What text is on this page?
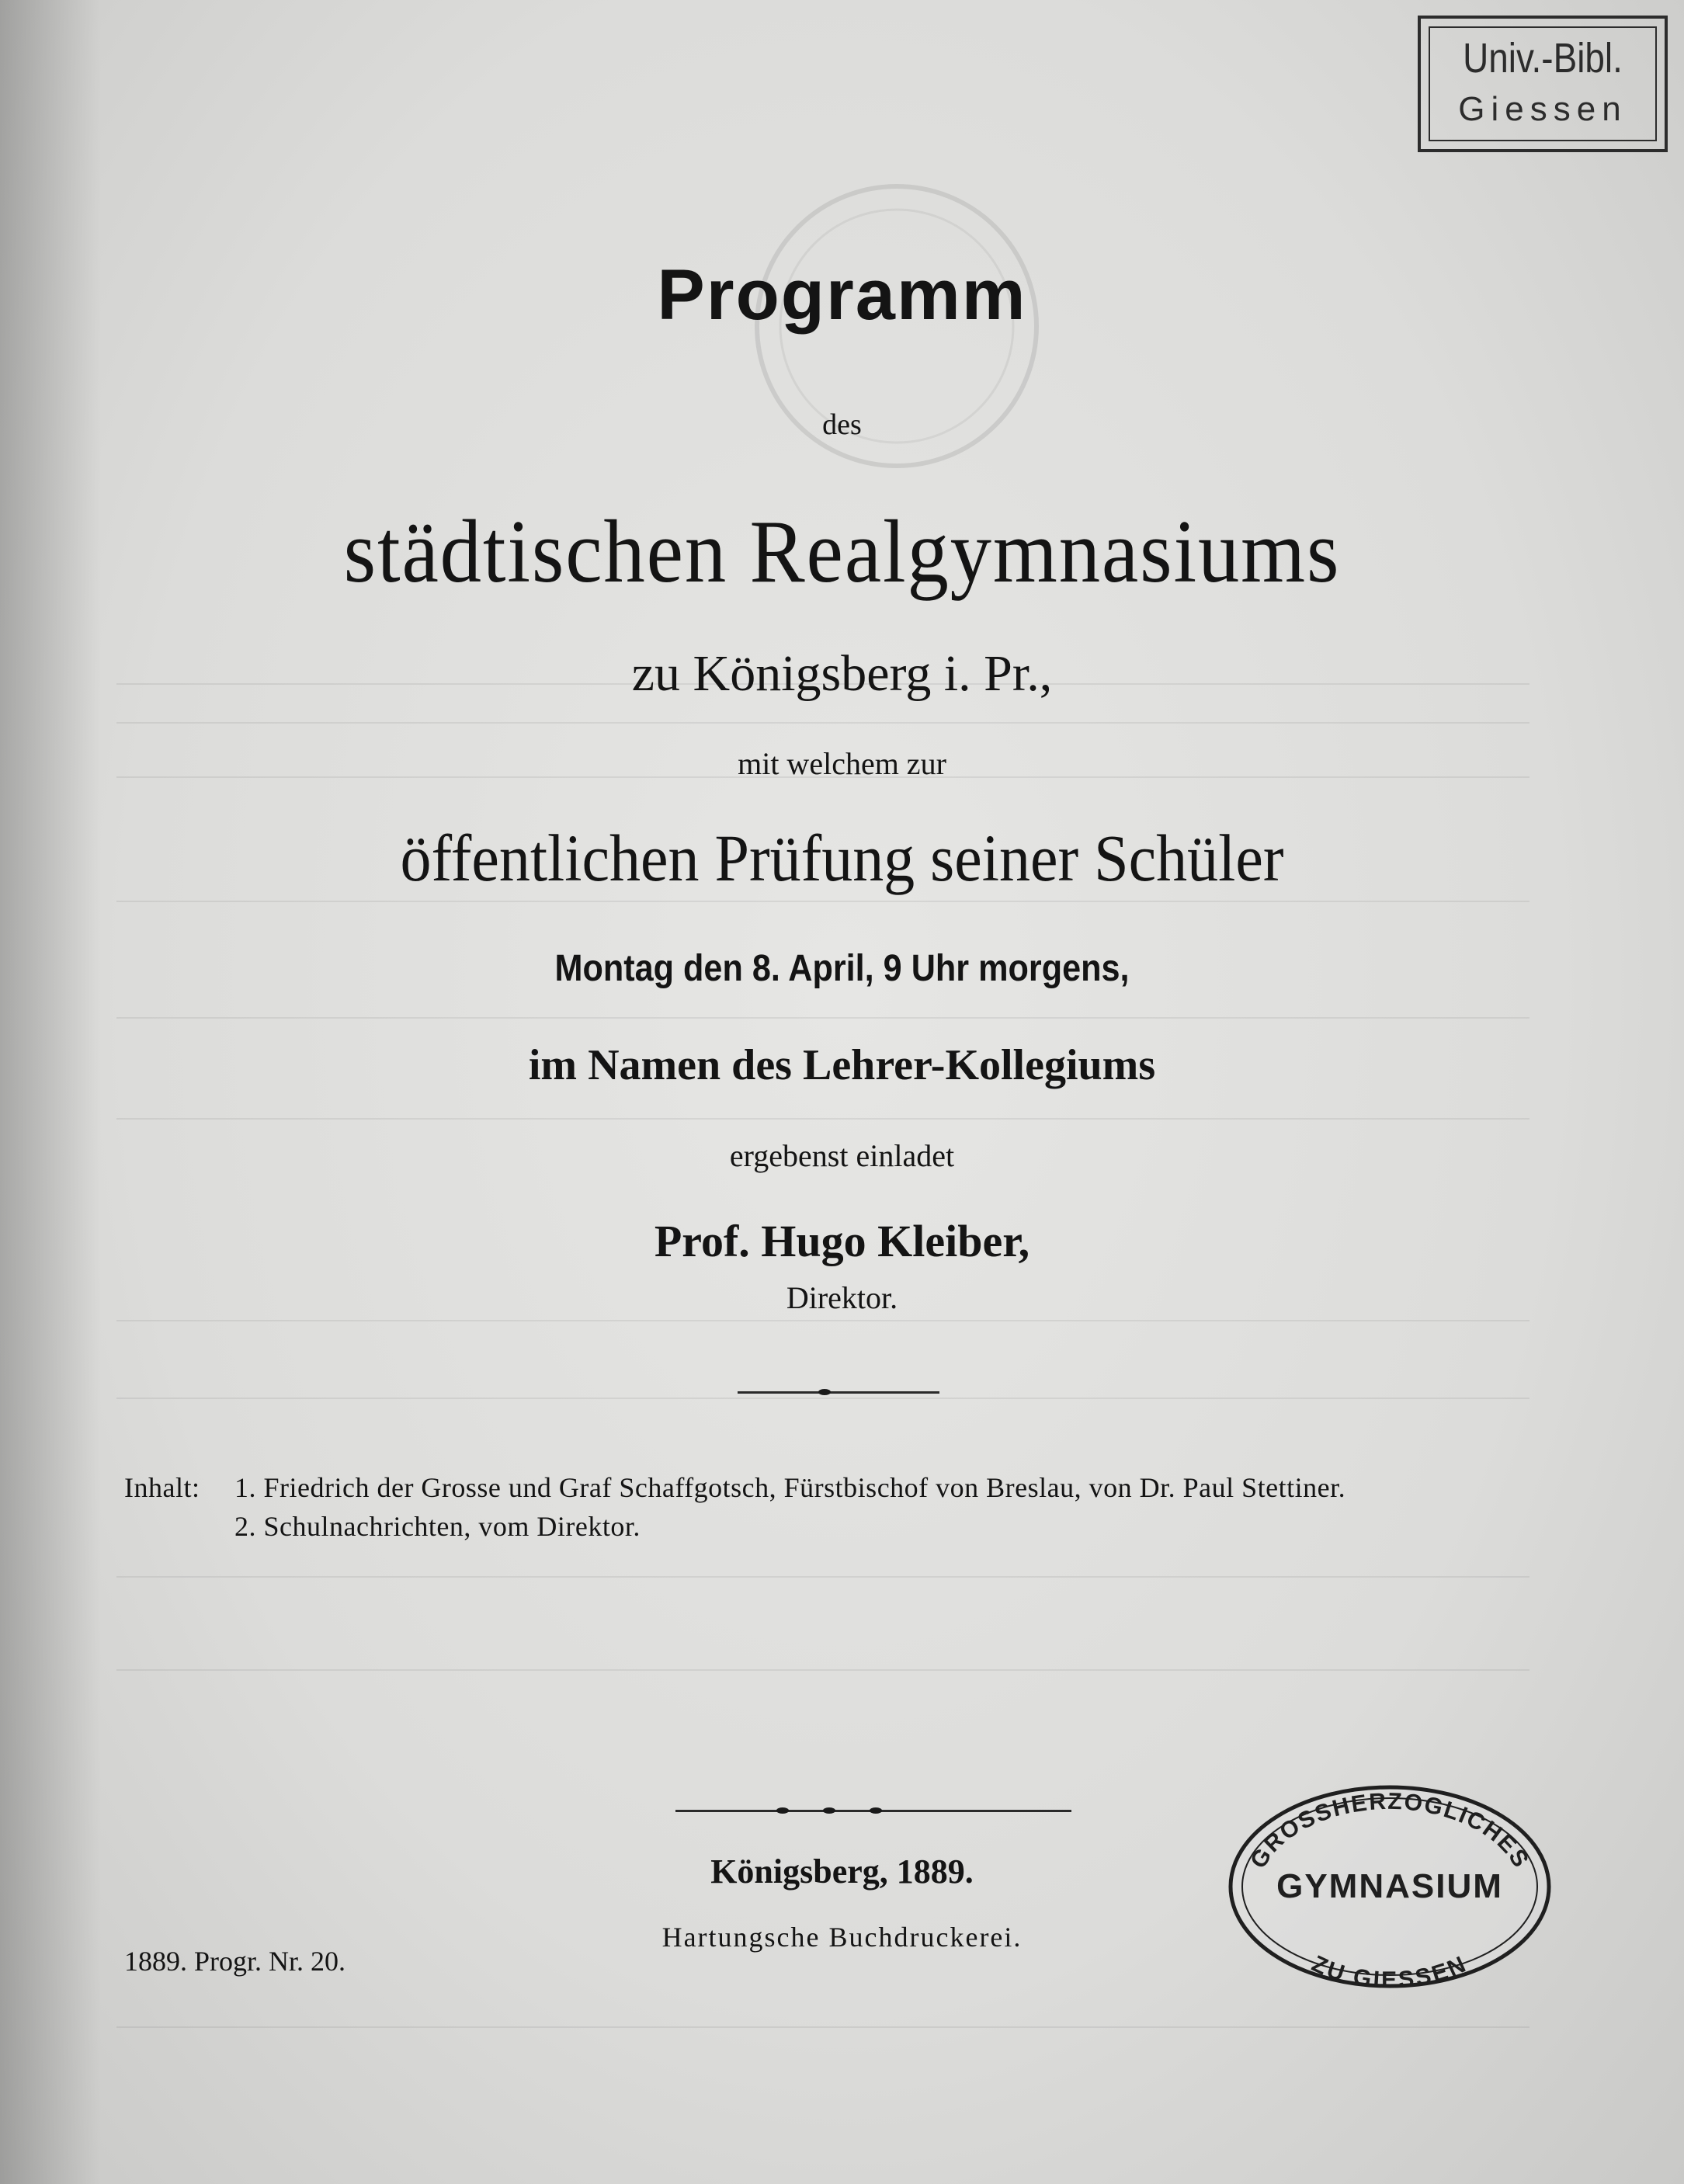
Univ.-Bibl.
Giessen
Programm
des
städtischen Realgymnasiums
zu Königsberg i. Pr.,
mit welchem zur
öffentlichen Prüfung seiner Schüler
Montag den 8. April, 9 Uhr morgens,
im Namen des Lehrer-Kollegiums
ergebenst einladet
Prof. Hugo Kleiber,
Direktor.
Inhalt: 1. Friedrich der Grosse und Graf Schaffgotsch, Fürstbischof von Breslau, von Dr. Paul Stettiner.
2. Schulnachrichten, vom Direktor.
Königsberg, 1889.
Hartungsche Buchdruckerei.
1889. Progr. Nr. 20.
GROSSHERZOGLICHES
ZU GIESSEN
GYMNASIUM
